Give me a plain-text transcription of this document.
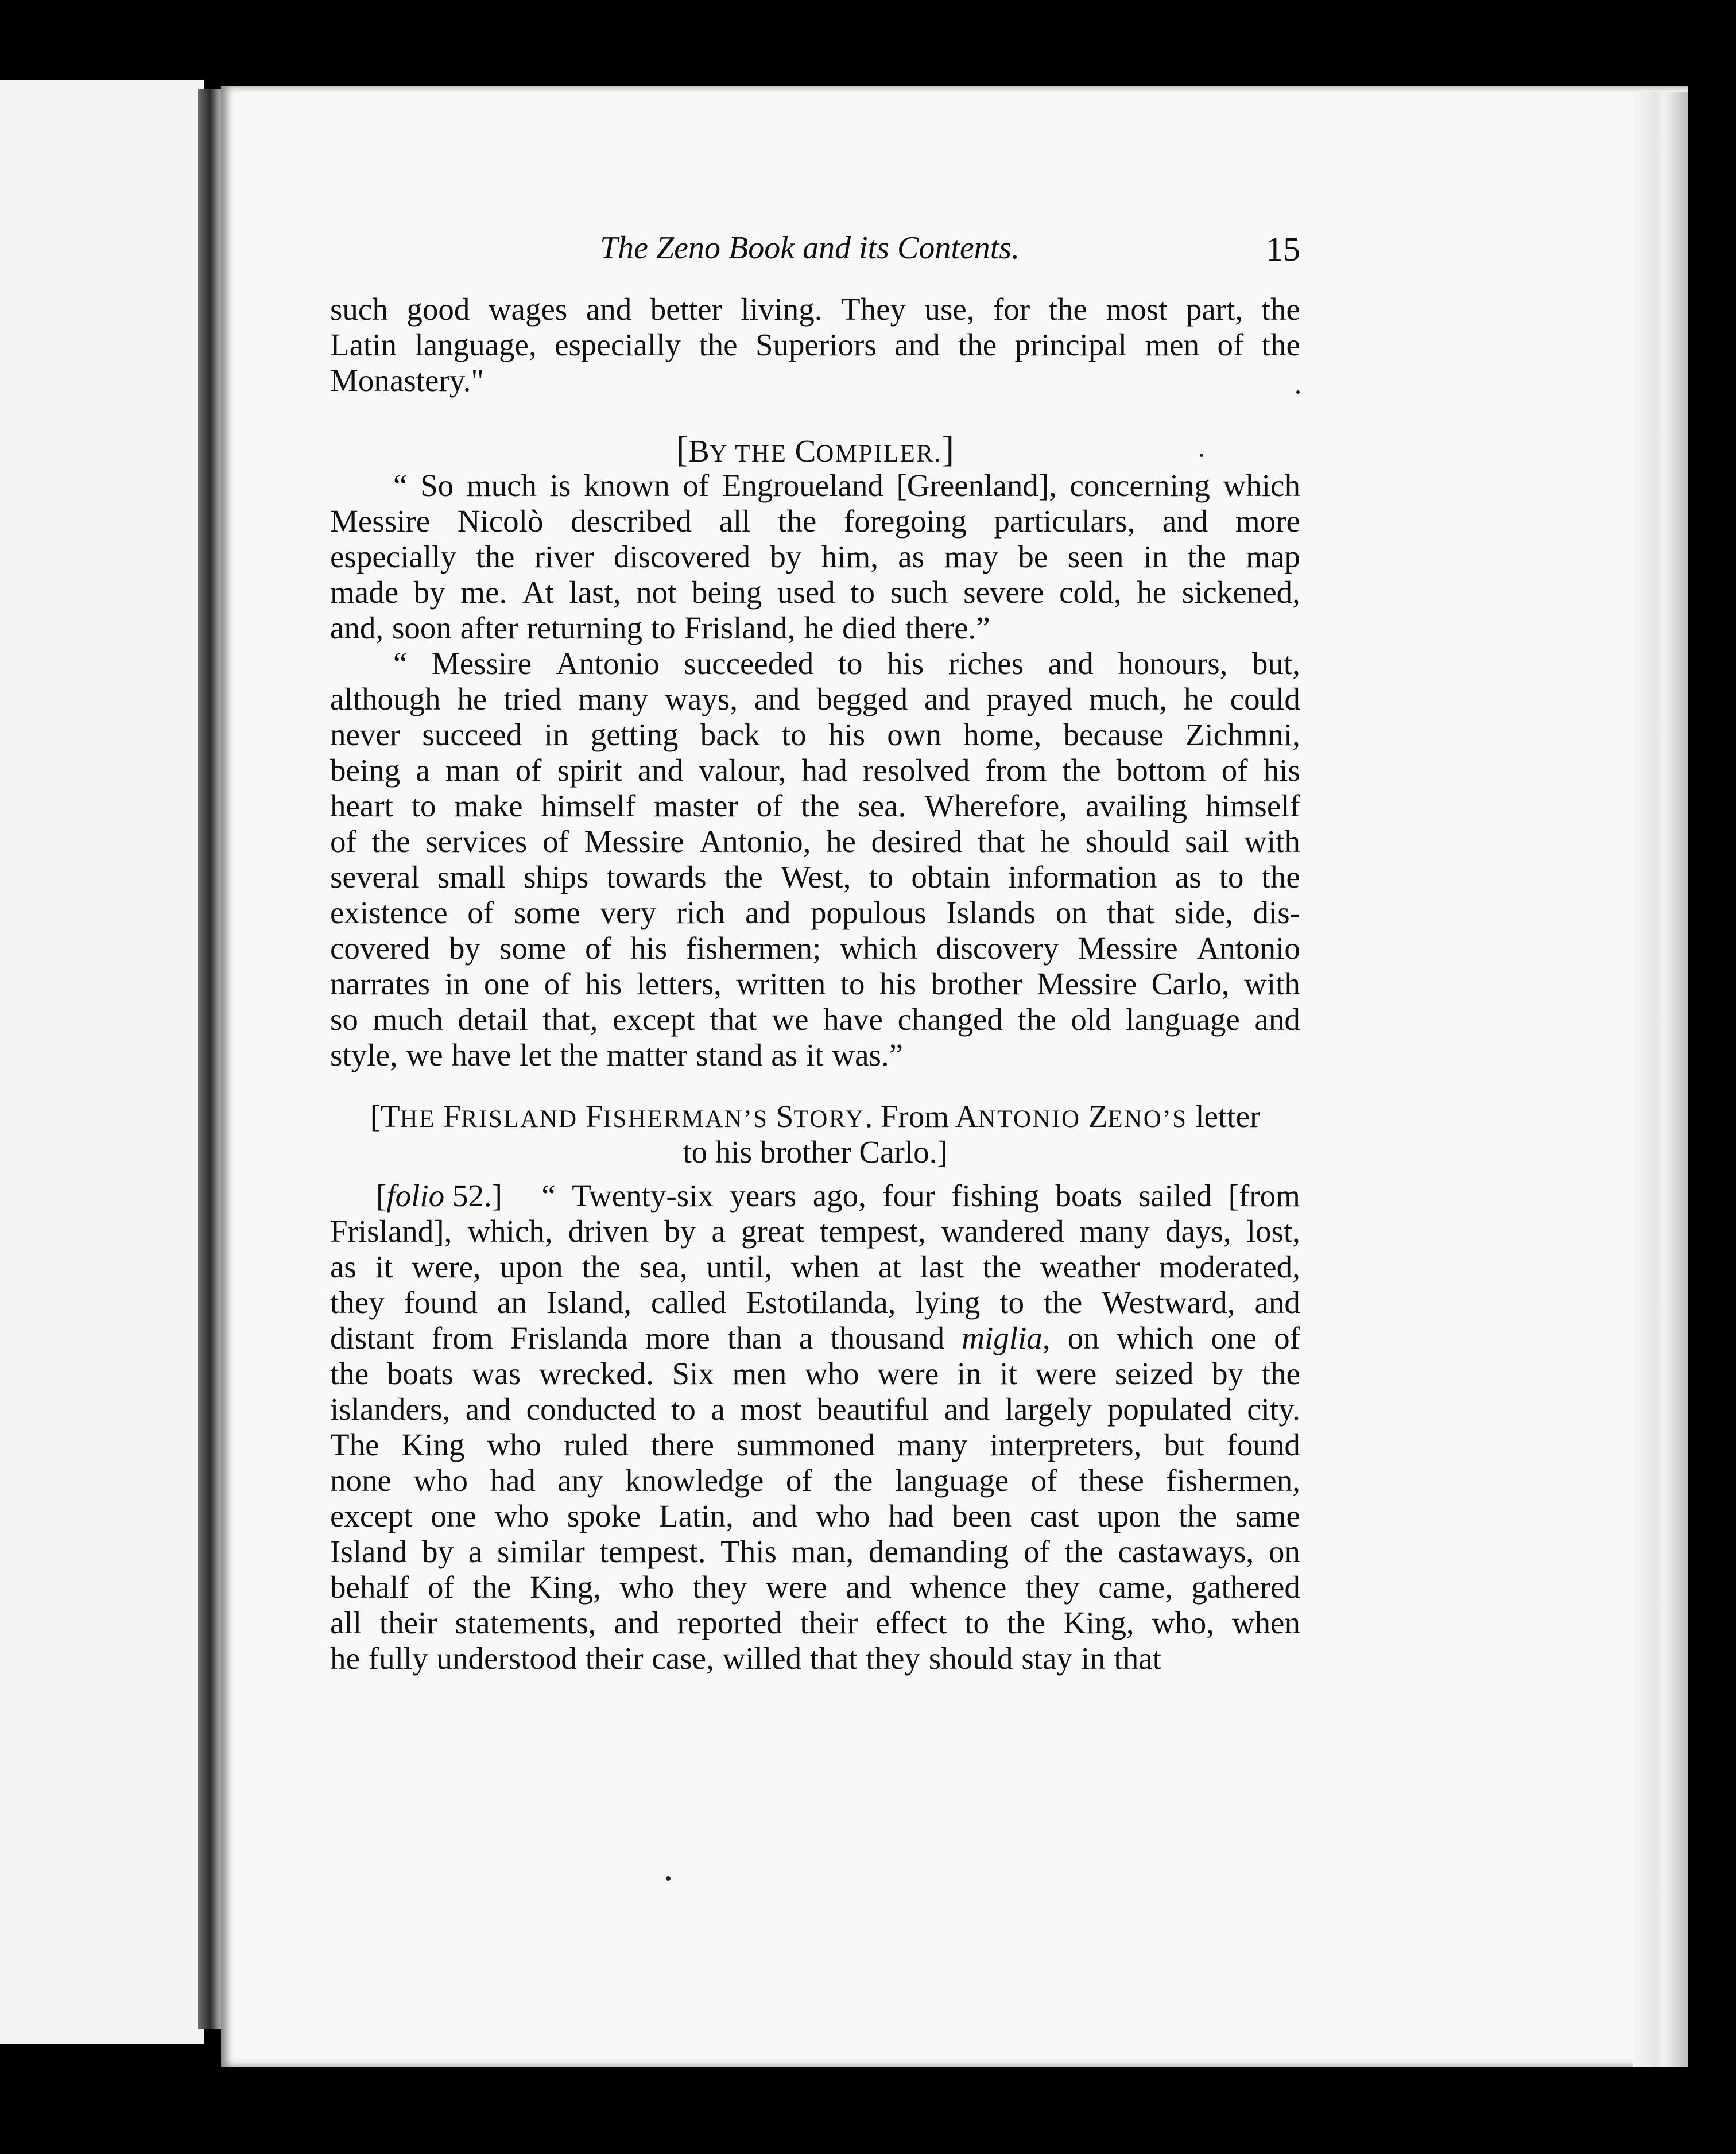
The Zeno Book and its Contents.	15
[BY THE COMPILER.]
[THE FRISLAND FISHERMAN’S STORY. From ANTONIO ZENO’S letter
to his brother Carlo.]
such good wages and better living. They use, for the most part, the
Latin language, especially the Superiors and the principal men of the
Monastery."
“ So much is known of Engroueland [Greenland], concerning which
Messire Nicolò described all the foregoing particulars, and more
especially the river discovered by him, as may be seen in the map
made by me. At last, not being used to such severe cold, he sickened,
and, soon after returning to Frisland, he died there.”
“ Messire Antonio succeeded to his riches and honours, but,
although he tried many ways, and begged and prayed much, he could
never succeed in getting back to his own home, because Zichmni,
being a man of spirit and valour, had resolved from the bottom of his
heart to make himself master of the sea. Wherefore, availing himself
of the services of Messire Antonio, he desired that he should sail with
several small ships towards the West, to obtain information as to the
existence of some very rich and populous Islands on that side, dis-
covered by some of his fishermen; which discovery Messire Antonio
narrates in one of his letters, written to his brother Messire Carlo, with
so much detail that, except that we have changed the old language and
style, we have let the matter stand as it was.”
[folio 52.] “ Twenty-six years ago, four fishing boats sailed [from
Frisland], which, driven by a great tempest, wandered many days, lost,
as it were, upon the sea, until, when at last the weather moderated,
they found an Island, called Estotilanda, lying to the Westward, and
distant from Frislanda more than a thousand miglia, on which one of
the boats was wrecked. Six men who were in it were seized by the
islanders, and conducted to a most beautiful and largely populated city.
The King who ruled there summoned many interpreters, but found
none who had any knowledge of the language of these fishermen,
except one who spoke Latin, and who had been cast upon the same
Island by a similar tempest. This man, demanding of the castaways, on
behalf of the King, who they were and whence they came, gathered
all their statements, and reported their effect to the King, who, when
he fully understood their case, willed that they should stay in that
